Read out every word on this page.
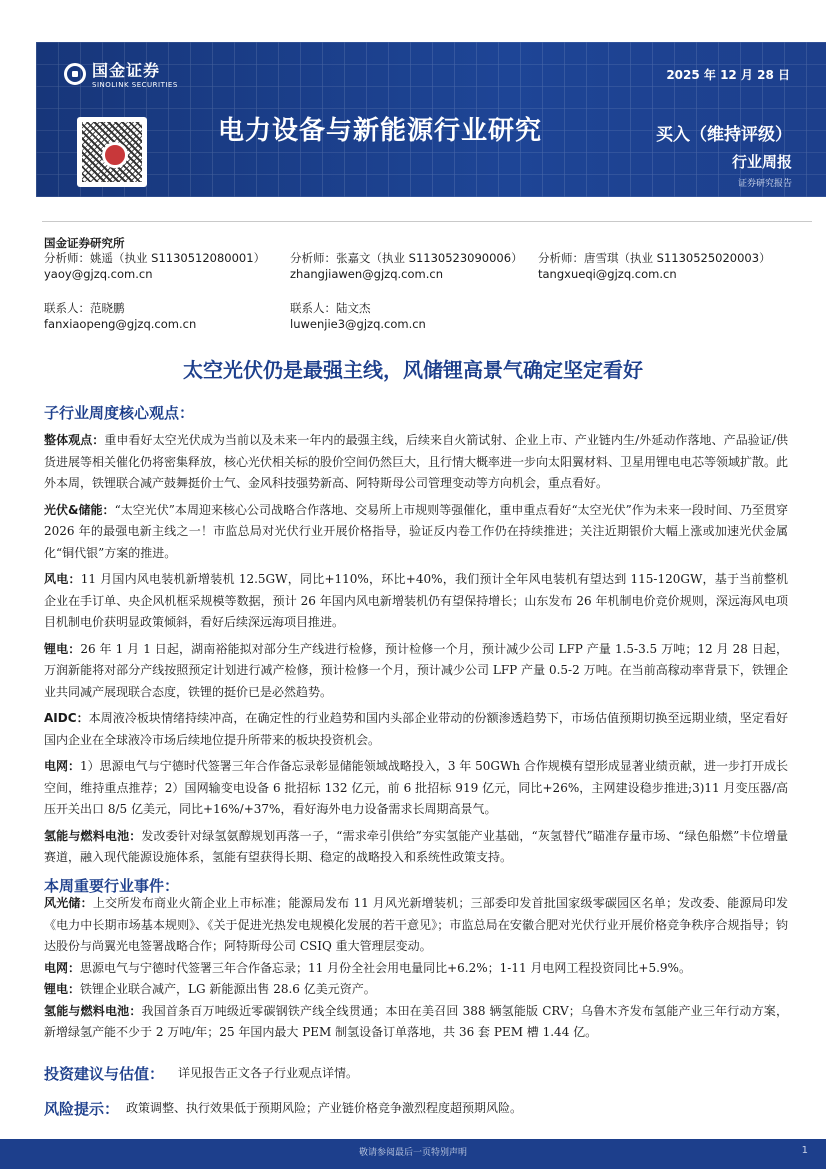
国金证券
SINOLINK SECURITIES
2025 年 12 月 28 日
电力设备与新能源行业研究	买入（维持评级）
行业周报
证券研究报告
国金证券研究所
分析师：姚遥（执业 S1130512080001）
yaoy@gjzq.com.cn
分析师：张嘉文（执业 S1130523090006）
zhangjiawen@gjzq.com.cn
分析师：唐雪琪（执业 S1130525020003）
tangxueqi@gjzq.com.cn
联系人：范晓鹏
fanxiaopeng@gjzq.com.cn
联系人：陆文杰
luwenjie3@gjzq.com.cn
太空光伏仍是最强主线，风储锂高景气确定坚定看好
子行业周度核心观点：

整体观点：重申看好太空光伏成为当前以及未来一年内的最强主线，后续来自火箭试射、企业上市、产业链内生/外延动作落地、产品验证/供货进展等相关催化仍将密集释放，核心光伏相关标的股价空间仍然巨大，且行情大概率进一步向太阳翼材料、卫星用锂电电芯等领域扩散。此外本周，铁锂联合减产鼓舞挺价士气、金风科技强势新高、阿特斯母公司管理变动等方向机会，重点看好。

光伏&储能：“太空光伏”本周迎来核心公司战略合作落地、交易所上市规则等强催化，重申重点看好“太空光伏”作为未来一段时间、乃至贯穿 2026 年的最强电新主线之一！市监总局对光伏行业开展价格指导，验证反内卷工作仍在持续推进；关注近期银价大幅上涨或加速光伏金属化“铜代银”方案的推进。

风电：11 月国内风电装机新增装机 12.5GW，同比+110%，环比+40%，我们预计全年风电装机有望达到 115-120GW，基于当前整机企业在手订单、央企风机框采规模等数据，预计 26 年国内风电新增装机仍有望保持增长；山东发布 26 年机制电价竞价规则，深远海风电项目机制电价获明显政策倾斜，看好后续深远海项目推进。

锂电：26 年 1 月 1 日起，湖南裕能拟对部分生产线进行检修，预计检修一个月，预计减少公司 LFP 产量 1.5-3.5 万吨；12 月 28 日起，万润新能将对部分产线按照预定计划进行减产检修，预计检修一个月，预计减少公司 LFP 产量 0.5-2 万吨。在当前高稼动率背景下，铁锂企业共同减产展现联合态度，铁锂的挺价已是必然趋势。

AIDC：本周液冷板块情绪持续冲高，在确定性的行业趋势和国内头部企业带动的份额渗透趋势下，市场估值预期切换至远期业绩，坚定看好国内企业在全球液冷市场后续地位提升所带来的板块投资机会。

电网：1）思源电气与宁德时代签署三年合作备忘录彰显储能领域战略投入，3 年 50GWh 合作规模有望形成显著业绩贡献，进一步打开成长空间，维持重点推荐；2）国网输变电设备 6 批招标 132 亿元，前 6 批招标 919 亿元，同比+26%，主网建设稳步推进;3)11 月变压器/高压开关出口 8/5 亿美元，同比+16%/+37%，看好海外电力设备需求长周期高景气。

氢能与燃料电池：发改委针对绿氢氨醇规划再落一子，“需求牵引供给”夯实氢能产业基础，“灰氢替代”瞄准存量市场、“绿色船燃”卡位增量赛道，融入现代能源设施体系，氢能有望获得长期、稳定的战略投入和系统性政策支持。

本周重要行业事件：

风光储：上交所发布商业火箭企业上市标准；能源局发布 11 月风光新增装机；三部委印发首批国家级零碳园区名单；发改委、能源局印发《电力中长期市场基本规则》、《关于促进光热发电规模化发展的若干意见》；市监总局在安徽合肥对光伏行业开展价格竞争秩序合规指导；钧达股份与尚翼光电签署战略合作；阿特斯母公司 CSIQ 重大管理层变动。

电网：思源电气与宁德时代签署三年合作备忘录；11 月份全社会用电量同比+6.2%；1-11 月电网工程投资同比+5.9%。

锂电：铁锂企业联合减产，LG 新能源出售 28.6 亿美元资产。

氢能与燃料电池：我国首条百万吨级近零碳钢铁产线全线贯通；本田在美召回 388 辆氢能版 CRV；乌鲁木齐发布氢能产业三年行动方案，新增绿氢产能不少于 2 万吨/年；25 年国内最大 PEM 制氢设备订单落地，共 36 套 PEM 槽 1.44 亿。

投资建议与估值： 详见报告正文各子行业观点详情。
风险提示： 政策调整、执行效果低于预期风险；产业链价格竞争激烈程度超预期风险。
敬请参阅最后一页特别声明	1
